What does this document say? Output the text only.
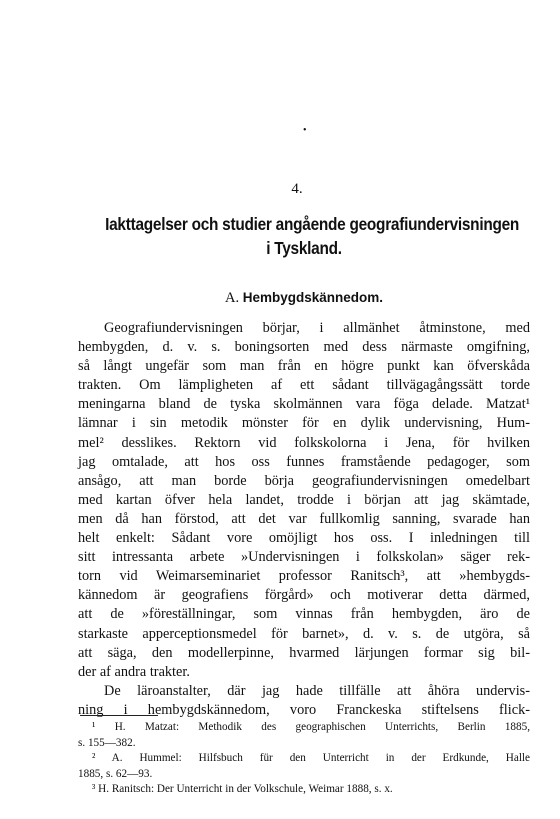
•
4.
Iakttagelser och studier angående geografiundervisningen
i Tyskland.
A. Hembygdskännedom.
Geografiundervisningen börjar, i allmänhet åtminstone, med
hembygden, d. v. s. boningsorten med dess närmaste omgifning,
så långt ungefär som man från en högre punkt kan öfverskåda
trakten. Om lämpligheten af ett sådant tillvägagångssätt torde
meningarna bland de tyska skolmännen vara föga delade. Matzat¹
lämnar i sin metodik mönster för en dylik undervisning, Hum-
mel² desslikes. Rektorn vid folkskolorna i Jena, för hvilken
jag omtalade, att hos oss funnes framstående pedagoger, som
ansågo, att man borde börja geografiundervisningen omedelbart
med kartan öfver hela landet, trodde i början att jag skämtade,
men då han förstod, att det var fullkomlig sanning, svarade han
helt enkelt: Sådant vore omöjligt hos oss. I inledningen till
sitt intressanta arbete »Undervisningen i folkskolan» säger rek-
torn vid Weimarseminariet professor Ranitsch³, att »hembygds-
kännedom är geografiens förgård» och motiverar detta därmed,
att de »föreställningar, som vinnas från hembygden, äro de
starkaste apperceptionsmedel för barnet», d. v. s. de utgöra, så
att säga, den modellerpinne, hvarmed lärjungen formar sig bil-
der af andra trakter.
De läroanstalter, där jag hade tillfälle att åhöra undervis-
ning i hembygdskännedom, voro Franckeska stiftelsens flick-
¹ H. Matzat: Methodik des geographischen Unterrichts, Berlin 1885,
s. 155—382.
² A. Hummel: Hilfsbuch für den Unterricht in der Erdkunde, Halle
1885, s. 62—93.
³ H. Ranitsch: Der Unterricht in der Volkschule, Weimar 1888, s. x.
